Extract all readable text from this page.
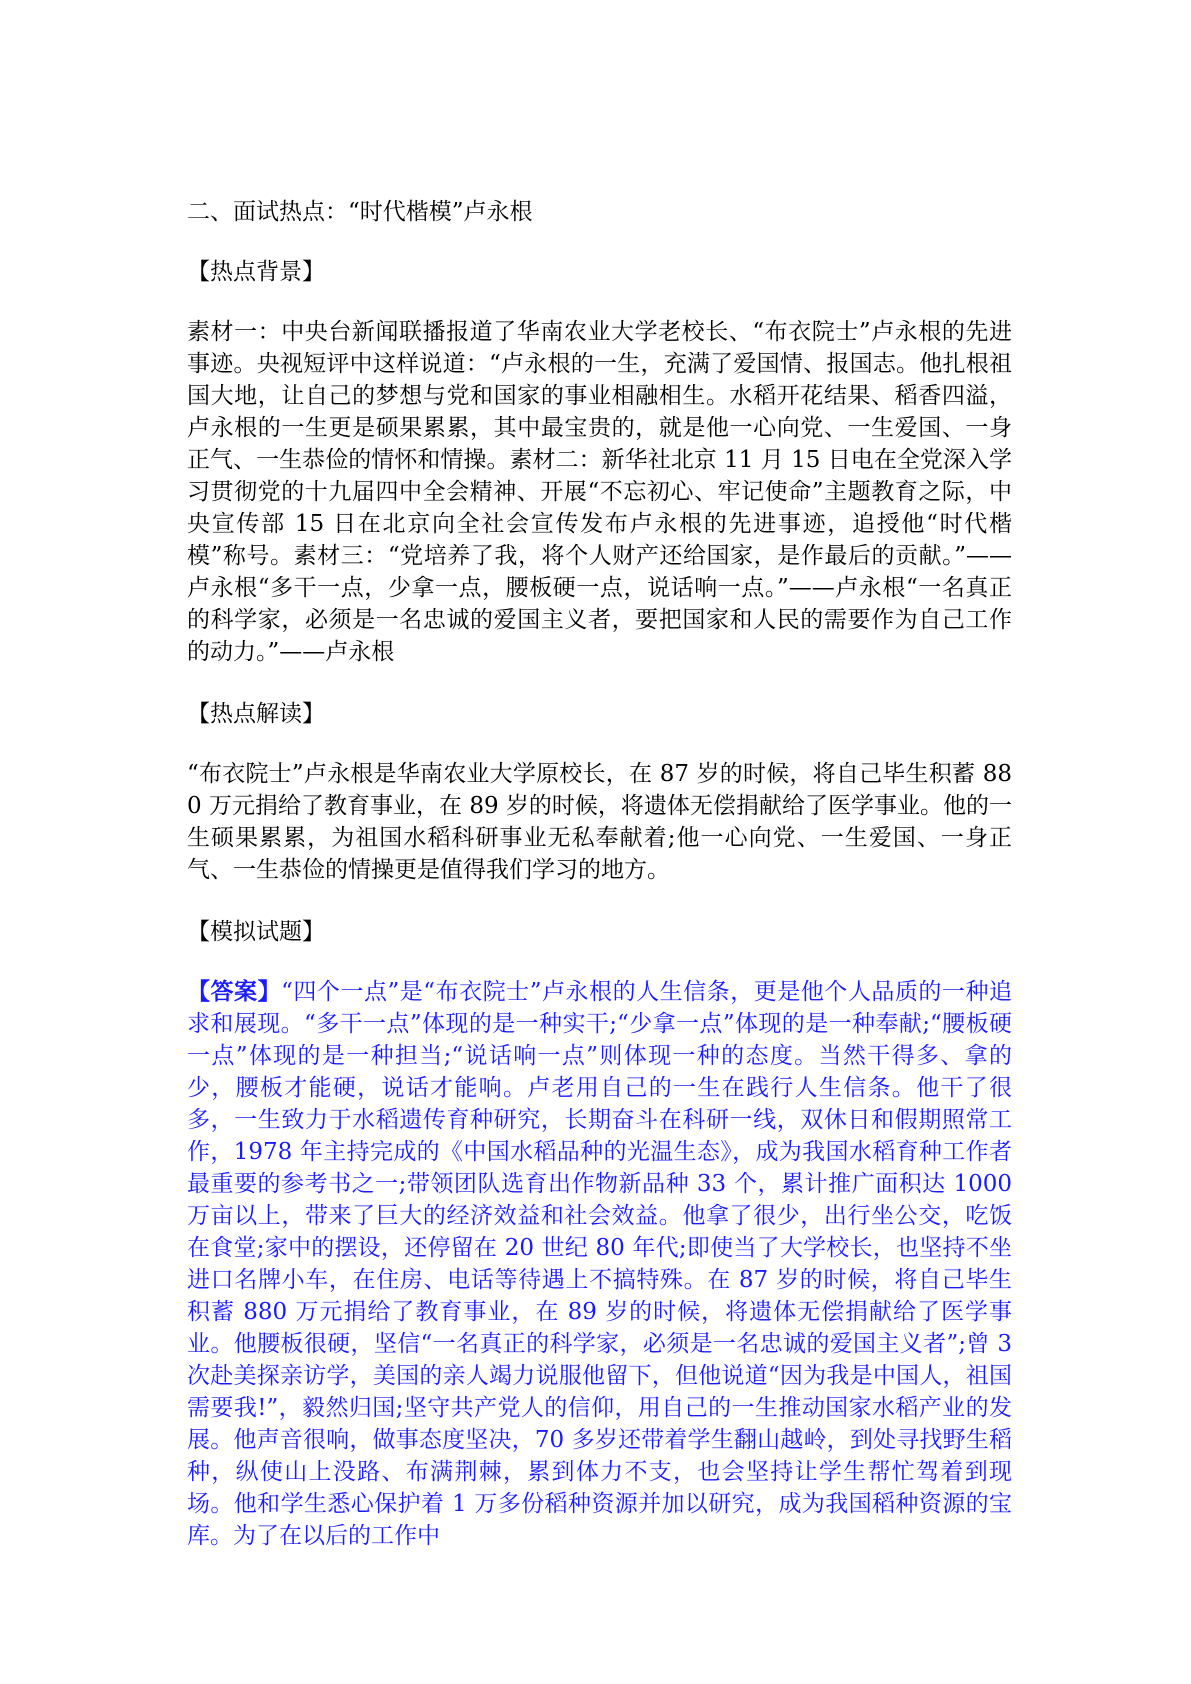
二、面试热点：“时代楷模”卢永根

【热点背景】

素材一：中央台新闻联播报道了华南农业大学老校长、“布衣院士”卢永根的先进事迹。央视短评中这样说道：“卢永根的一生，充满了爱国情、报国志。他扎根祖国大地，让自己的梦想与党和国家的事业相融相生。水稻开花结果、稻香四溢，卢永根的一生更是硕果累累，其中最宝贵的，就是他一心向党、一生爱国、一身正气、一生恭俭的情怀和情操。素材二：新华社北京 11 月 15 日电在全党深入学习贯彻党的十九届四中全会精神、开展“不忘初心、牢记使命”主题教育之际，中央宣传部 15 日在北京向全社会宣传发布卢永根的先进事迹，追授他“时代楷模”称号。素材三：“党培养了我，将个人财产还给国家，是作最后的贡献。”——卢永根“多干一点，少拿一点，腰板硬一点，说话响一点。”——卢永根“一名真正的科学家，必须是一名忠诚的爱国主义者，要把国家和人民的需要作为自己工作的动力。”——卢永根

【热点解读】

“布衣院士”卢永根是华南农业大学原校长，在 87 岁的时候，将自己毕生积蓄 880 万元捐给了教育事业，在 89 岁的时候，将遗体无偿捐献给了医学事业。他的一生硕果累累，为祖国水稻科研事业无私奉献着;他一心向党、一生爱国、一身正气、一生恭俭的情操更是值得我们学习的地方。

【模拟试题】

【答案】“四个一点”是“布衣院士”卢永根的人生信条，更是他个人品质的一种追求和展现。“多干一点”体现的是一种实干;“少拿一点”体现的是一种奉献;“腰板硬一点”体现的是一种担当;“说话响一点”则体现一种的态度。当然干得多、拿的少，腰板才能硬，说话才能响。卢老用自己的一生在践行人生信条。他干了很多，一生致力于水稻遗传育种研究，长期奋斗在科研一线，双休日和假期照常工作，1978 年主持完成的《中国水稻品种的光温生态》，成为我国水稻育种工作者最重要的参考书之一;带领团队选育出作物新品种 33 个，累计推广面积达 1000 万亩以上，带来了巨大的经济效益和社会效益。他拿了很少，出行坐公交，吃饭在食堂;家中的摆设，还停留在 20 世纪 80 年代;即使当了大学校长，也坚持不坐进口名牌小车，在住房、电话等待遇上不搞特殊。在 87 岁的时候，将自己毕生积蓄 880 万元捐给了教育事业，在 89 岁的时候，将遗体无偿捐献给了医学事业。他腰板很硬，坚信“一名真正的科学家，必须是一名忠诚的爱国主义者”;曾 3 次赴美探亲访学，美国的亲人竭力说服他留下，但他说道“因为我是中国人，祖国需要我!”，毅然归国;坚守共产党人的信仰，用自己的一生推动国家水稻产业的发展。他声音很响，做事态度坚决，70 多岁还带着学生翻山越岭，到处寻找野生稻种，纵使山上没路、布满荆棘，累到体力不支，也会坚持让学生帮忙驾着到现场。他和学生悉心保护着 1 万多份稻种资源并加以研究，成为我国稻种资源的宝库。为了在以后的工作中
